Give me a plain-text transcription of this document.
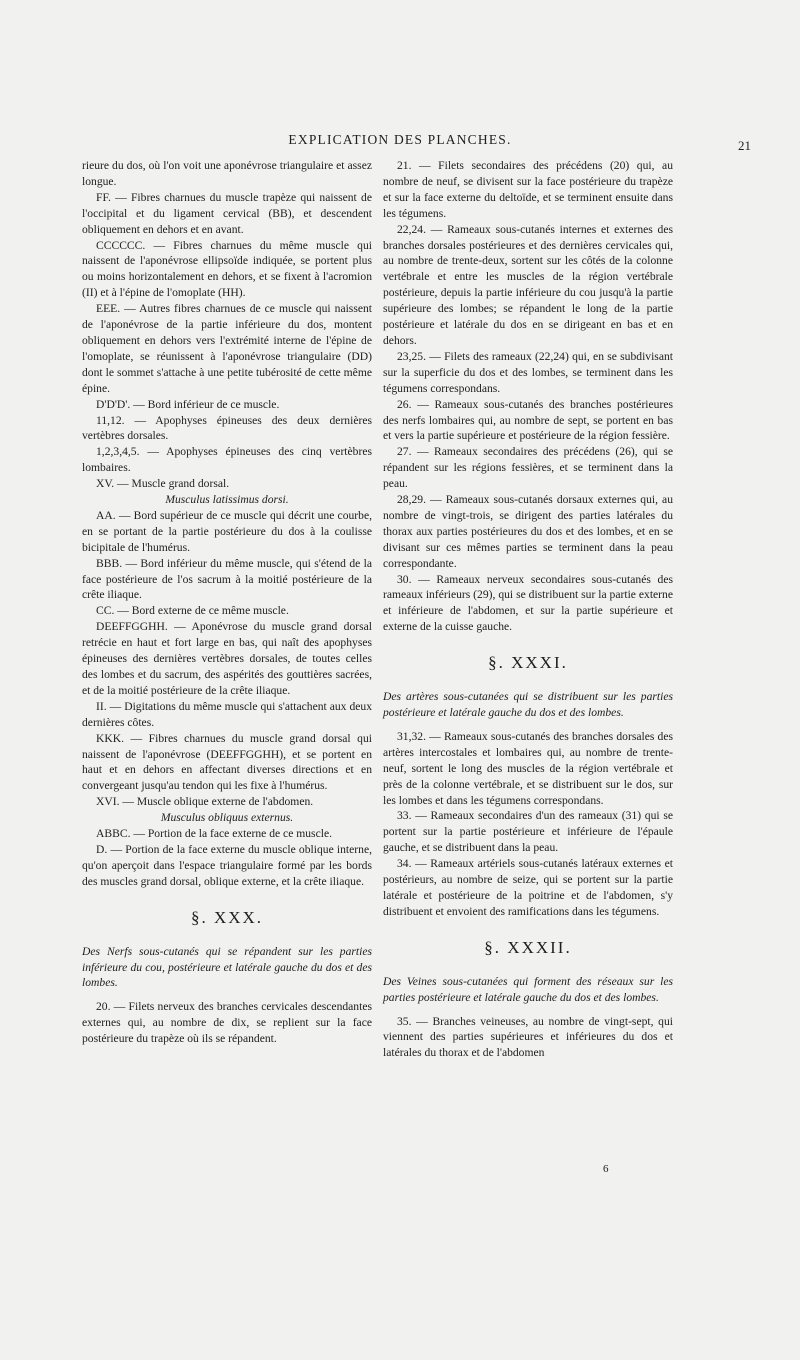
EXPLICATION DES PLANCHES.	21

rieure du dos, où l'on voit une aponévrose triangulaire et assez longue.

FF. — Fibres charnues du muscle trapèze qui naissent de l'occipital et du ligament cervical (BB), et descendent obliquement en dehors et en avant.

CCCCCC. — Fibres charnues du même muscle qui naissent de l'aponévrose ellipsoïde indiquée, se portent plus ou moins horizontalement en dehors, et se fixent à l'acromion (II) et à l'épine de l'omoplate (HH).

EEE. — Autres fibres charnues de ce muscle qui naissent de l'aponévrose de la partie inférieure du dos, montent obliquement en dehors vers l'extrémité interne de l'épine de l'omoplate, se réunissent à l'aponévrose triangulaire (DD) dont le sommet s'attache à une petite tubérosité de cette même épine.

D'D'D'. — Bord inférieur de ce muscle.

11,12. — Apophyses épineuses des deux dernières vertèbres dorsales.

1,2,3,4,5. — Apophyses épineuses des cinq vertèbres lombaires.

XV. — Muscle grand dorsal.

Musculus latissimus dorsi.

AA. — Bord supérieur de ce muscle qui décrit une courbe, en se portant de la partie postérieure du dos à la coulisse bicipitale de l'humérus.

BBB. — Bord inférieur du même muscle, qui s'étend de la face postérieure de l'os sacrum à la moitié postérieure de la crête iliaque.

CC. — Bord externe de ce même muscle.

DEEFFGGHH. — Aponévrose du muscle grand dorsal retrécie en haut et fort large en bas, qui naît des apophyses épineuses des dernières vertèbres dorsales, de toutes celles des lombes et du sacrum, des aspérités des gouttières sacrées, et de la moitié postérieure de la crête iliaque.

II. — Digitations du même muscle qui s'attachent aux deux dernières côtes.

KKK. — Fibres charnues du muscle grand dorsal qui naissent de l'aponévrose (DEEFFGGHH), et se portent en haut et en dehors en affectant diverses directions et en convergeant jusqu'au tendon qui les fixe à l'humérus.

XVI. — Muscle oblique externe de l'abdomen.

Musculus obliquus externus.

ABBC. — Portion de la face externe de ce muscle.

D. — Portion de la face externe du muscle oblique interne, qu'on aperçoit dans l'espace triangulaire formé par les bords des muscles grand dorsal, oblique externe, et la crête iliaque.

§. XXX.

Des Nerfs sous-cutanés qui se répandent sur les parties inférieure du cou, postérieure et latérale gauche du dos et des lombes.

20. — Filets nerveux des branches cervicales descendantes externes qui, au nombre de dix, se replient sur la face postérieure du trapèze où ils se répandent.

21. — Filets secondaires des précédens (20) qui, au nombre de neuf, se divisent sur la face postérieure du trapèze et sur la face externe du deltoïde, et se terminent ensuite dans les tégumens.

22,24. — Rameaux sous-cutanés internes et externes des branches dorsales postérieures et des dernières cervicales qui, au nombre de trente-deux, sortent sur les côtés de la colonne vertébrale et entre les muscles de la région vertébrale postérieure, depuis la partie inférieure du cou jusqu'à la partie supérieure des lombes; se répandent le long de la partie postérieure et latérale du dos en se dirigeant en bas et en dehors.

23,25. — Filets des rameaux (22,24) qui, en se subdivisant sur la superficie du dos et des lombes, se terminent dans les tégumens correspondans.

26. — Rameaux sous-cutanés des branches postérieures des nerfs lombaires qui, au nombre de sept, se portent en bas et vers la partie supérieure et postérieure de la région fessière.

27. — Rameaux secondaires des précédens (26), qui se répandent sur les régions fessières, et se terminent dans la peau.

28,29. — Rameaux sous-cutanés dorsaux externes qui, au nombre de vingt-trois, se dirigent des parties latérales du thorax aux parties postérieures du dos et des lombes, et en se divisant sur ces mêmes parties se terminent dans la peau correspondante.

30. — Rameaux nerveux secondaires sous-cutanés des rameaux inférieurs (29), qui se distribuent sur la partie externe et inférieure de l'abdomen, et sur la partie supérieure et externe de la cuisse gauche.

§. XXXI.

Des artères sous-cutanées qui se distribuent sur les parties postérieure et latérale gauche du dos et des lombes.

31,32. — Rameaux sous-cutanés des branches dorsales des artères intercostales et lombaires qui, au nombre de trente-neuf, sortent le long des muscles de la région vertébrale et près de la colonne vertébrale, et se distribuent sur le dos, sur les lombes et dans les tégumens correspondans.

33. — Rameaux secondaires d'un des rameaux (31) qui se portent sur la partie postérieure et inférieure de l'épaule gauche, et se distribuent dans la peau.

34. — Rameaux artériels sous-cutanés latéraux externes et postérieurs, au nombre de seize, qui se portent sur la partie latérale et postérieure de la poitrine et de l'abdomen, s'y distribuent et envoient des ramifications dans les tégumens.

§. XXXII.

Des Veines sous-cutanées qui forment des réseaux sur les parties postérieure et latérale gauche du dos et des lombes.

35. — Branches veineuses, au nombre de vingt-sept, qui viennent des parties supérieures et inférieures du dos et latérales du thorax et de l'abdomen

6
